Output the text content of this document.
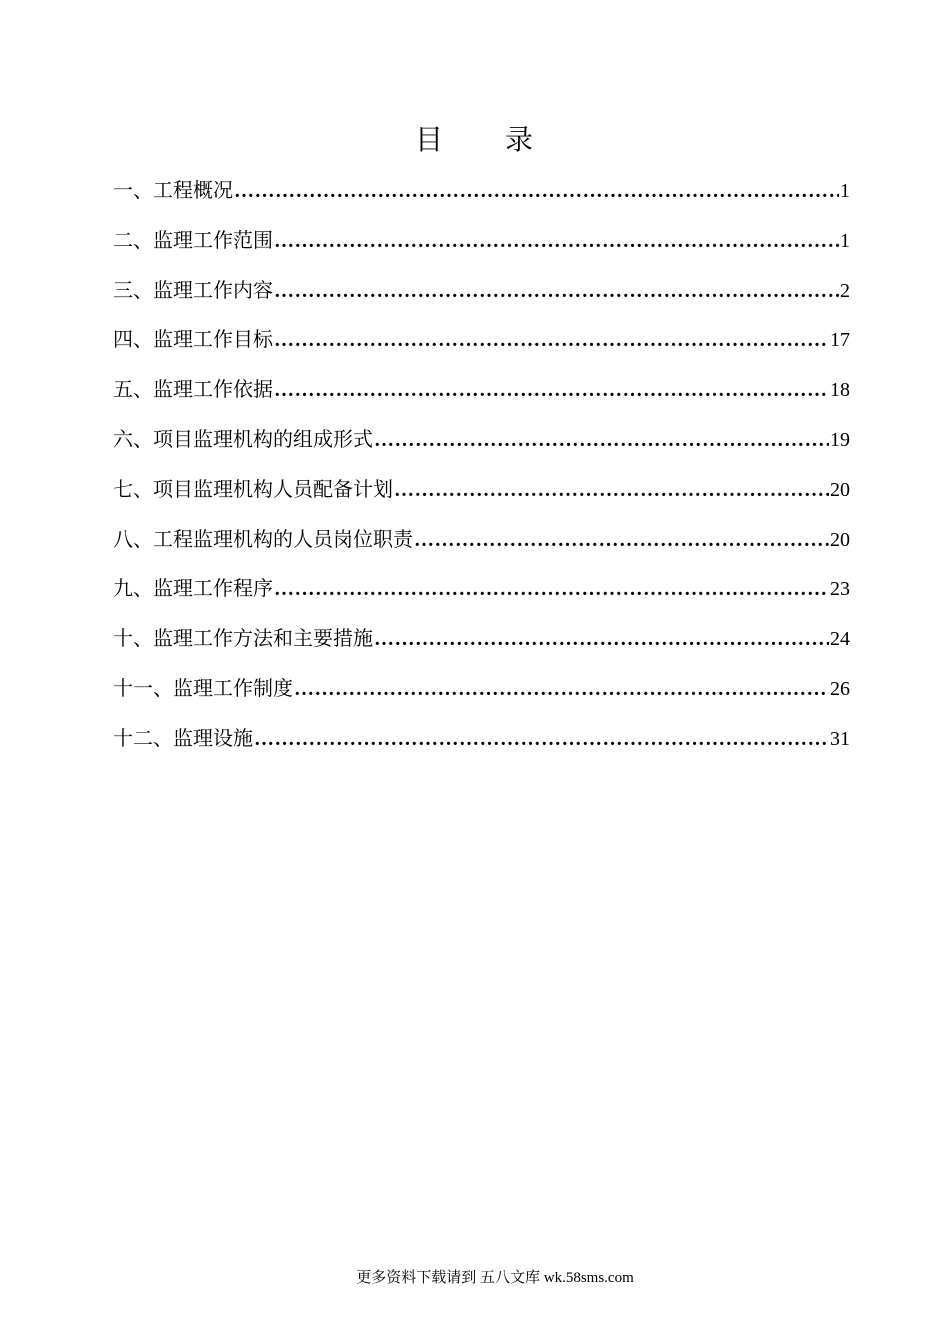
目　　录
一、工程概况 …………………………………………………………………………………………………………………………………………………………………………………………………………	1
二、监理工作范围 …………………………………………………………………………………………………………………………………………………………………………………………………………	1
三、监理工作内容 …………………………………………………………………………………………………………………………………………………………………………………………………………	2
四、监理工作目标 …………………………………………………………………………………………………………………………………………………………………………………………………………	17
五、监理工作依据 …………………………………………………………………………………………………………………………………………………………………………………………………………	18
六、项目监理机构的组成形式 …………………………………………………………………………………………………………………………………………………………………………………………………………	19
七、项目监理机构人员配备计划 …………………………………………………………………………………………………………………………………………………………………………………………………………	20
八、工程监理机构的人员岗位职责 …………………………………………………………………………………………………………………………………………………………………………………………………………	20
九、监理工作程序 …………………………………………………………………………………………………………………………………………………………………………………………………………	23
十、监理工作方法和主要措施 …………………………………………………………………………………………………………………………………………………………………………………………………………	24
十一、监理工作制度 …………………………………………………………………………………………………………………………………………………………………………………………………………	26
十二、监理设施 …………………………………………………………………………………………………………………………………………………………………………………………………………	31
更多资料下载请到 五八文库 wk.58sms.com
